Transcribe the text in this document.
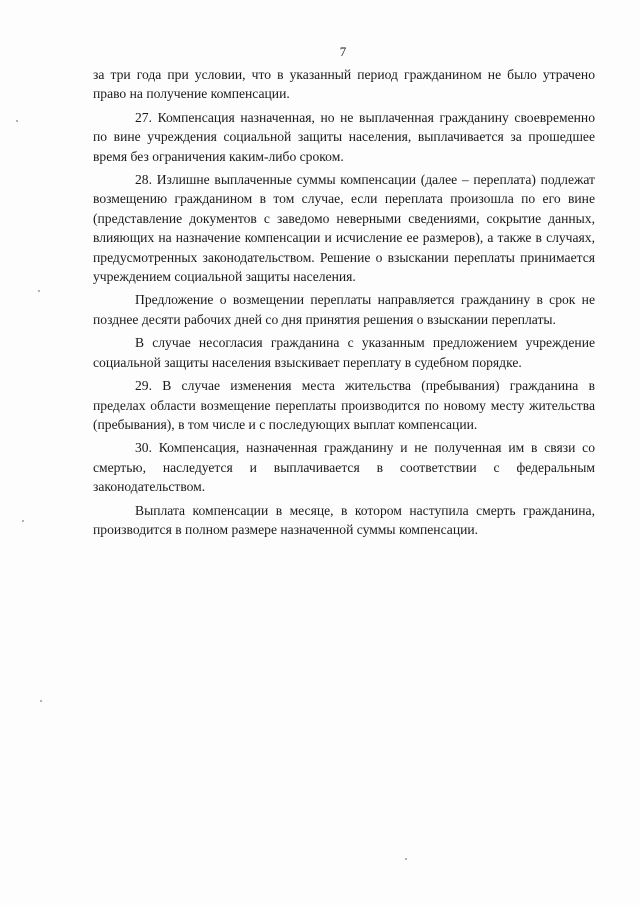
7

за три года при условии, что в указанный период гражданином не было утрачено право на получение компенсации.

27. Компенсация назначенная, но не выплаченная гражданину своевременно по вине учреждения социальной защиты населения, выплачивается за прошедшее время без ограничения каким-либо сроком.

28. Излишне выплаченные суммы компенсации (далее – переплата) подлежат возмещению гражданином в том случае, если переплата произошла по его вине (представление документов с заведомо неверными сведениями, сокрытие данных, влияющих на назначение компенсации и исчисление ее размеров), а также в случаях, предусмотренных законодательством. Решение о взыскании переплаты принимается учреждением социальной защиты населения.

Предложение о возмещении переплаты направляется гражданину в срок не позднее десяти рабочих дней со дня принятия решения о взыскании переплаты.

В случае несогласия гражданина с указанным предложением учреждение социальной защиты населения взыскивает переплату в судебном порядке.

29. В случае изменения места жительства (пребывания) гражданина в пределах области возмещение переплаты производится по новому месту жительства (пребывания), в том числе и с последующих выплат компенсации.

30. Компенсация, назначенная гражданину и не полученная им в связи со смертью, наследуется и выплачивается в соответствии с федеральным законодательством.

Выплата компенсации в месяце, в котором наступила смерть гражданина, производится в полном размере назначенной суммы компенсации.
